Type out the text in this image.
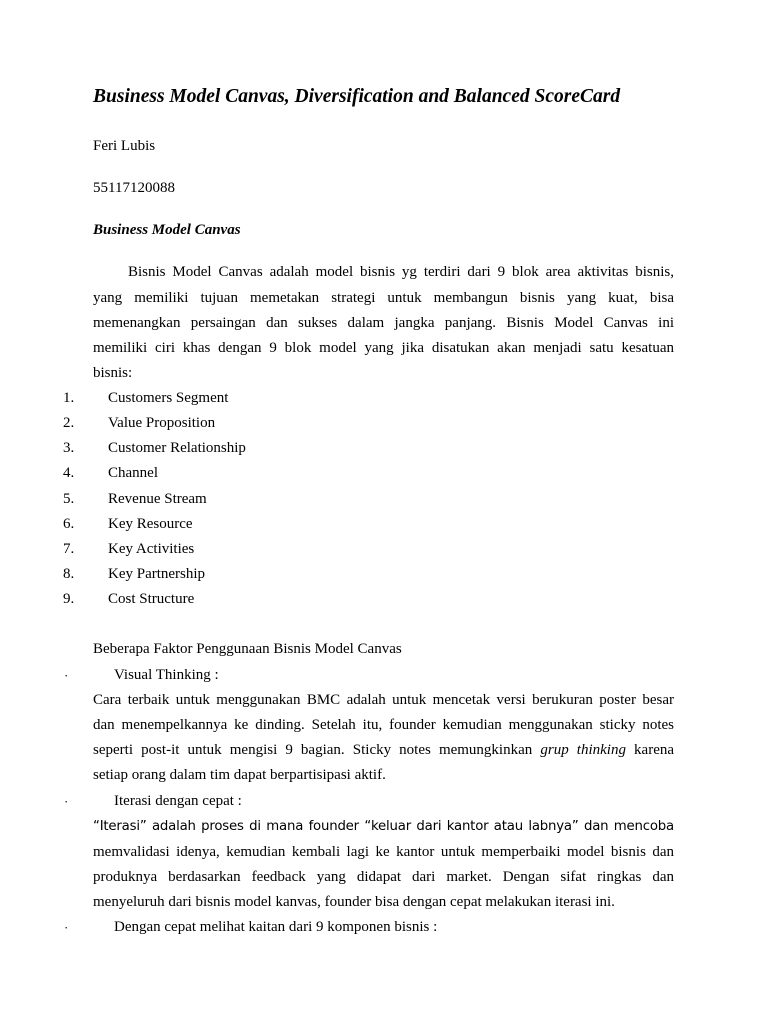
Business Model Canvas, Diversification and Balanced ScoreCard
Feri Lubis
55117120088
Business Model Canvas
Bisnis Model Canvas adalah model bisnis yg terdiri dari 9 blok area aktivitas bisnis,
yang memiliki tujuan memetakan strategi untuk membangun bisnis yang kuat, bisa
memenangkan persaingan dan sukses dalam jangka panjang. Bisnis Model Canvas ini
memiliki ciri khas dengan 9 blok model yang jika disatukan akan menjadi satu kesatuan
bisnis:
1. Customers Segment
2. Value Proposition
3. Customer Relationship
4. Channel
5. Revenue Stream
6. Key Resource
7. Key Activities
8. Key Partnership
9. Cost Structure
Beberapa Faktor Penggunaan Bisnis Model Canvas
·	Visual Thinking :
Cara terbaik untuk menggunakan BMC adalah untuk mencetak versi berukuran poster besar
dan menempelkannya ke dinding. Setelah itu, founder kemudian menggunakan sticky notes
seperti post-it untuk mengisi 9 bagian. Sticky notes memungkinkan grup thinking karena
setiap orang dalam tim dapat berpartisipasi aktif.
·	Iterasi dengan cepat :
“Iterasi” adalah proses di mana founder “keluar dari kantor atau labnya” dan mencoba
memvalidasi idenya, kemudian kembali lagi ke kantor untuk memperbaiki model bisnis dan
produknya berdasarkan feedback yang didapat dari market. Dengan sifat ringkas dan
menyeluruh dari bisnis model kanvas, founder bisa dengan cepat melakukan iterasi ini.
·	Dengan cepat melihat kaitan dari 9 komponen bisnis :
